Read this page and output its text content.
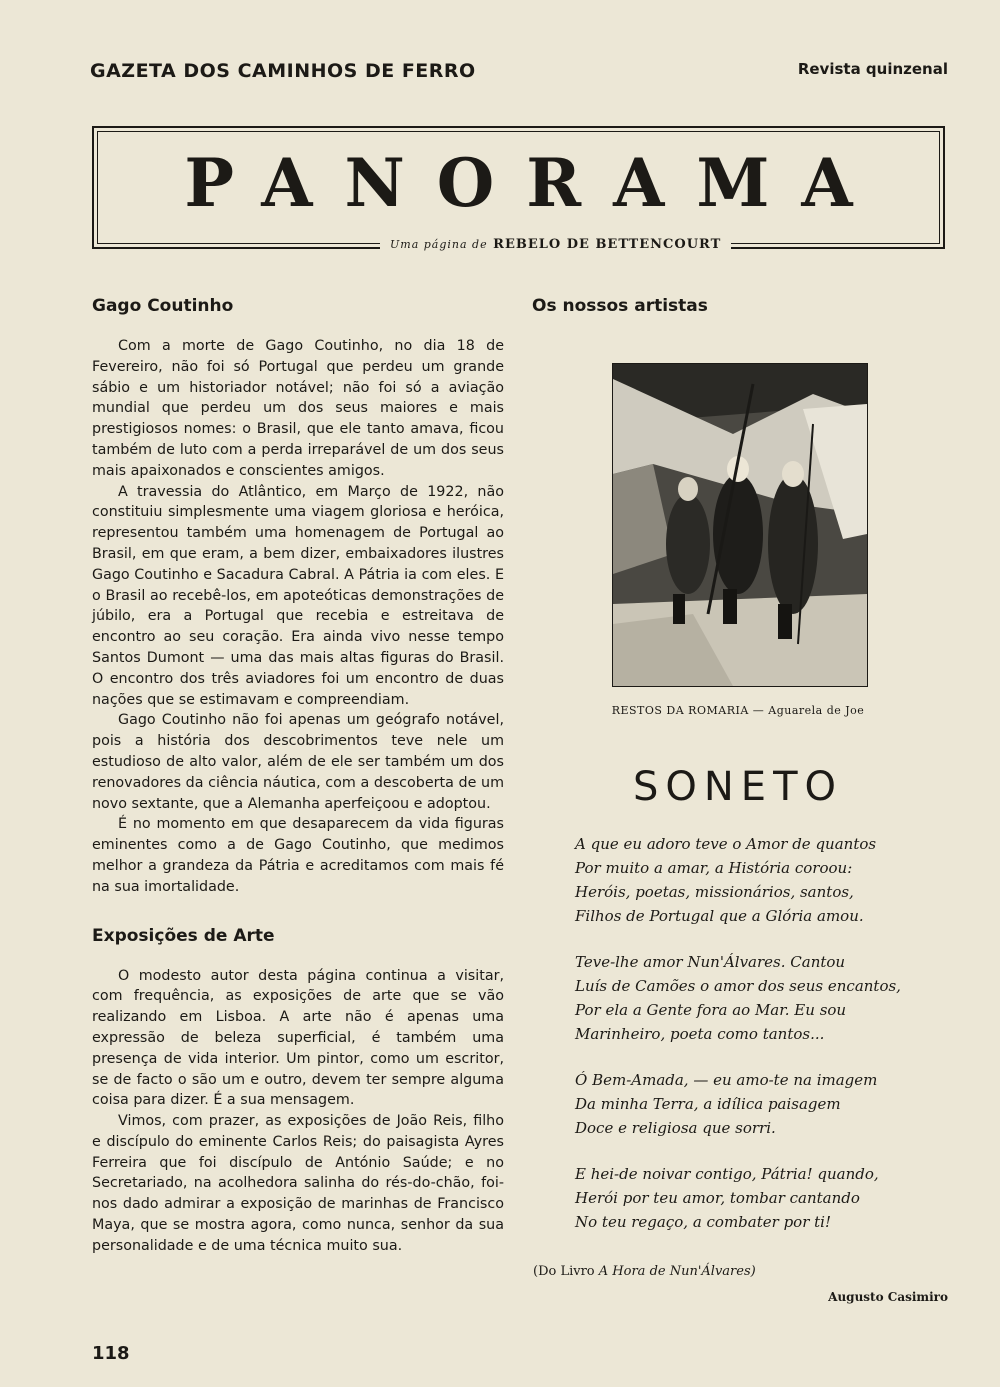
GAZETA DOS CAMINHOS DE FERRO	Revista quinzenal
PANORAMA
Uma página de REBELO DE BETTENCOURT
Gago Coutinho

Com a morte de Gago Coutinho, no dia 18 de Fevereiro, não foi só Portugal que perdeu um grande sábio e um historiador notável; não foi só a aviação mundial que perdeu um dos seus maiores e mais prestigiosos nomes: o Brasil, que ele tanto amava, ficou também de luto com a perda irreparável de um dos seus mais apaixonados e conscientes amigos.

A travessia do Atlântico, em Março de 1922, não constituiu simplesmente uma viagem gloriosa e heróica, representou também uma homenagem de Portugal ao Brasil, em que eram, a bem dizer, embaixadores ilustres Gago Coutinho e Sacadura Cabral. A Pátria ia com eles. E o Brasil ao recebê-los, em apoteóticas demonstrações de júbilo, era a Portugal que recebia e estreitava de encontro ao seu coração. Era ainda vivo nesse tempo Santos Dumont — uma das mais altas figuras do Brasil. O encontro dos três aviadores foi um encontro de duas nações que se estimavam e compreendiam.

Gago Coutinho não foi apenas um geógrafo notável, pois a história dos descobrimentos teve nele um estudioso de alto valor, além de ele ser também um dos renovadores da ciência náutica, com a descoberta de um novo sextante, que a Alemanha aperfeiçoou e adoptou.

É no momento em que desaparecem da vida figuras eminentes como a de Gago Coutinho, que medimos melhor a grandeza da Pátria e acreditamos com mais fé na sua imortalidade.

Exposições de Arte

O modesto autor desta página continua a visitar, com frequência, as exposições de arte que se vão realizando em Lisboa. A arte não é apenas uma expressão de beleza superficial, é também uma presença de vida interior. Um pintor, como um escritor, se de facto o são um e outro, devem ter sempre alguma coisa para dizer. É a sua mensagem.

Vimos, com prazer, as exposições de João Reis, filho e discípulo do eminente Carlos Reis; do paisagista Ayres Ferreira que foi discípulo de António Saúde; e no Secretariado, na acolhedora salinha do rés-do-chão, foi-nos dado admirar a exposição de marinhas de Francisco Maya, que se mostra agora, como nunca, senhor da sua personalidade e de uma técnica muito sua.

Os nossos artistas
RESTOS DA ROMARIA — Aguarela de Joe
SONETO
A que eu adoro teve o Amor de quantos
Por muito a amar, a História coroou:
Heróis, poetas, missionários, santos,
Filhos de Portugal que a Glória amou.
Teve-lhe amor Nun'Álvares. Cantou
Luís de Camões o amor dos seus encantos,
Por ela a Gente fora ao Mar. Eu sou
Marinheiro, poeta como tantos...
Ó Bem-Amada, — eu amo-te na imagem
Da minha Terra, a idílica paisagem
Doce e religiosa que sorri.
E hei-de noivar contigo, Pátria! quando,
Herói por teu amor, tombar cantando
No teu regaço, a combater por ti!
(Do Livro A Hora de Nun'Álvares)
Augusto Casimiro
118
